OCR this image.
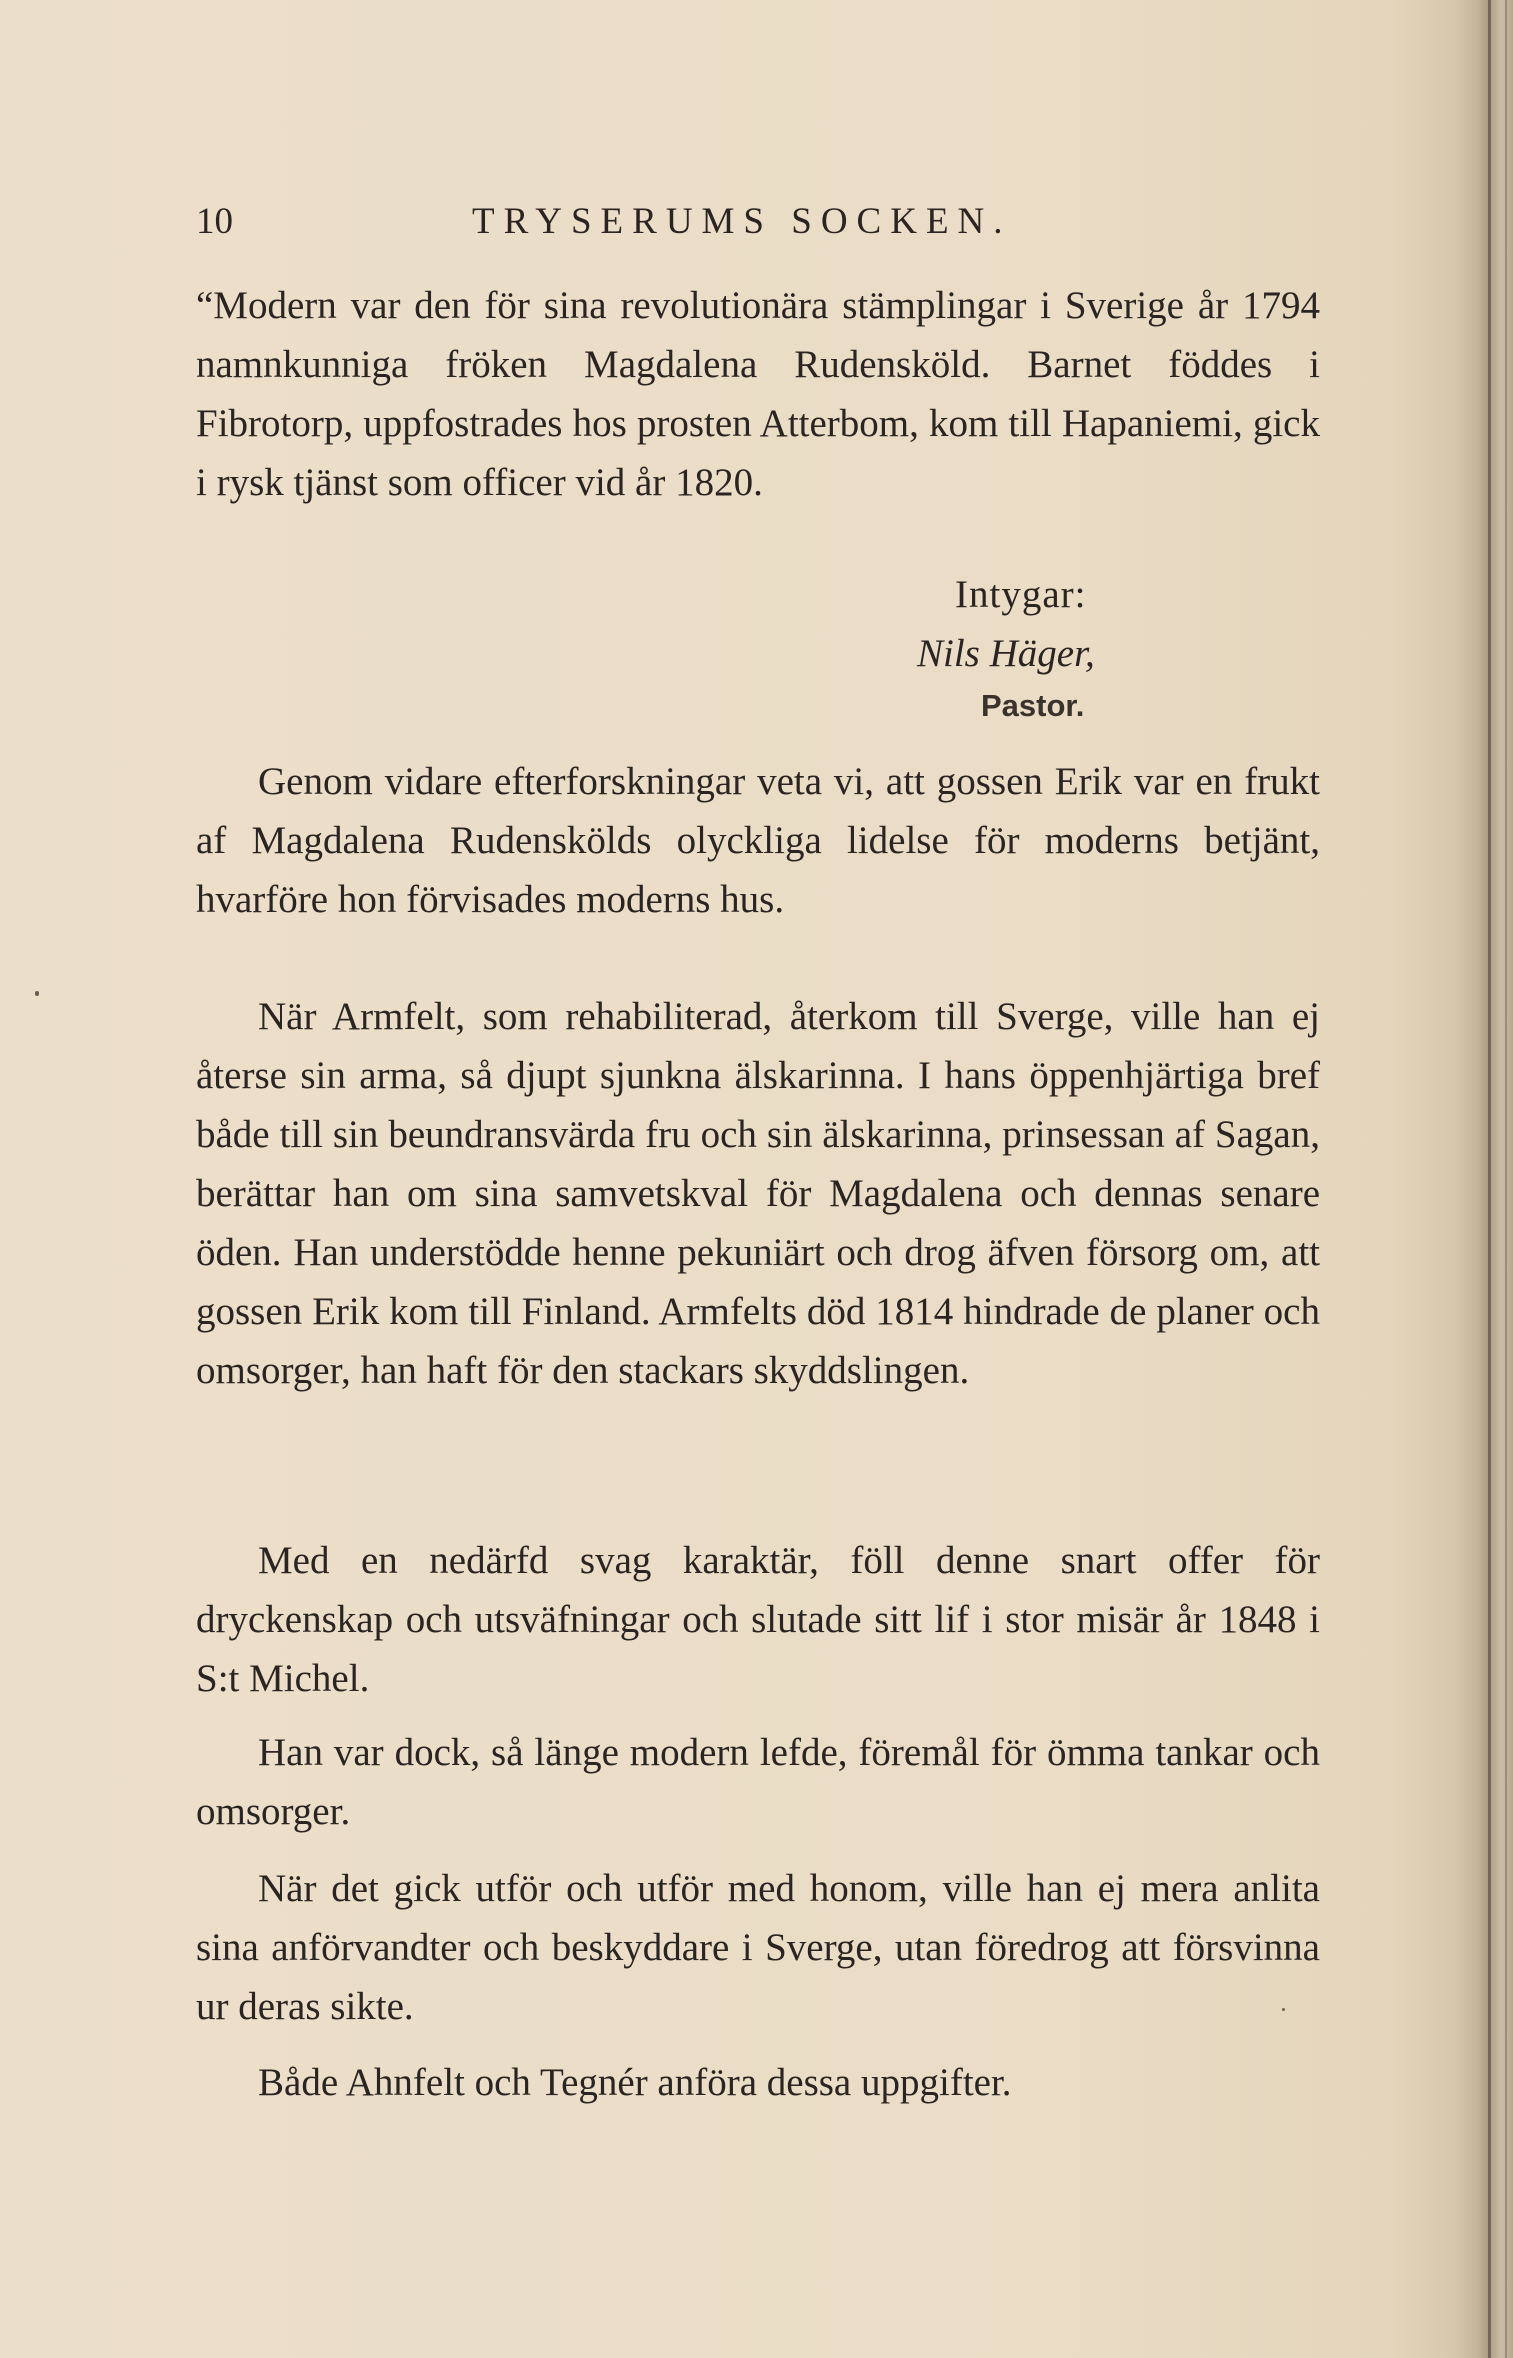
10	TRYSERUMS SOCKEN.
“Modern var den för sina revolutionära stämplingar i Sverige år 1794 namnkunniga fröken Magdalena Rudensköld. Barnet föddes i Fibrotorp, uppfostrades hos prosten Atterbom, kom till Hapaniemi, gick i rysk tjänst som officer vid år 1820.
Intygar:
Nils Häger,
Pastor.
Genom vidare efterforskningar veta vi, att gossen Erik var en frukt af Magdalena Rudenskölds olyckliga lidelse för moderns betjänt, hvarföre hon förvisades moderns hus.
När Armfelt, som rehabiliterad, återkom till Sverge, ville han ej återse sin arma, så djupt sjunkna älskarinna. I hans öppenhjärtiga bref både till sin beundransvärda fru och sin älskarinna, prinsessan af Sagan, berättar han om sina samvetskval för Magdalena och dennas senare öden. Han understödde henne pekuniärt och drog äfven försorg om, att gossen Erik kom till Finland. Armfelts död 1814 hindrade de planer och omsorger, han haft för den stackars skyddslingen.
Med en nedärfd svag karaktär, föll denne snart offer för dryckenskap och utsväfningar och slutade sitt lif i stor misär år 1848 i S:t Michel.
Han var dock, så länge modern lefde, föremål för ömma tankar och omsorger.
När det gick utför och utför med honom, ville han ej mera anlita sina anförvandter och beskyddare i Sverge, utan föredrog att försvinna ur deras sikte.
Både Ahnfelt och Tegnér anföra dessa uppgifter.
